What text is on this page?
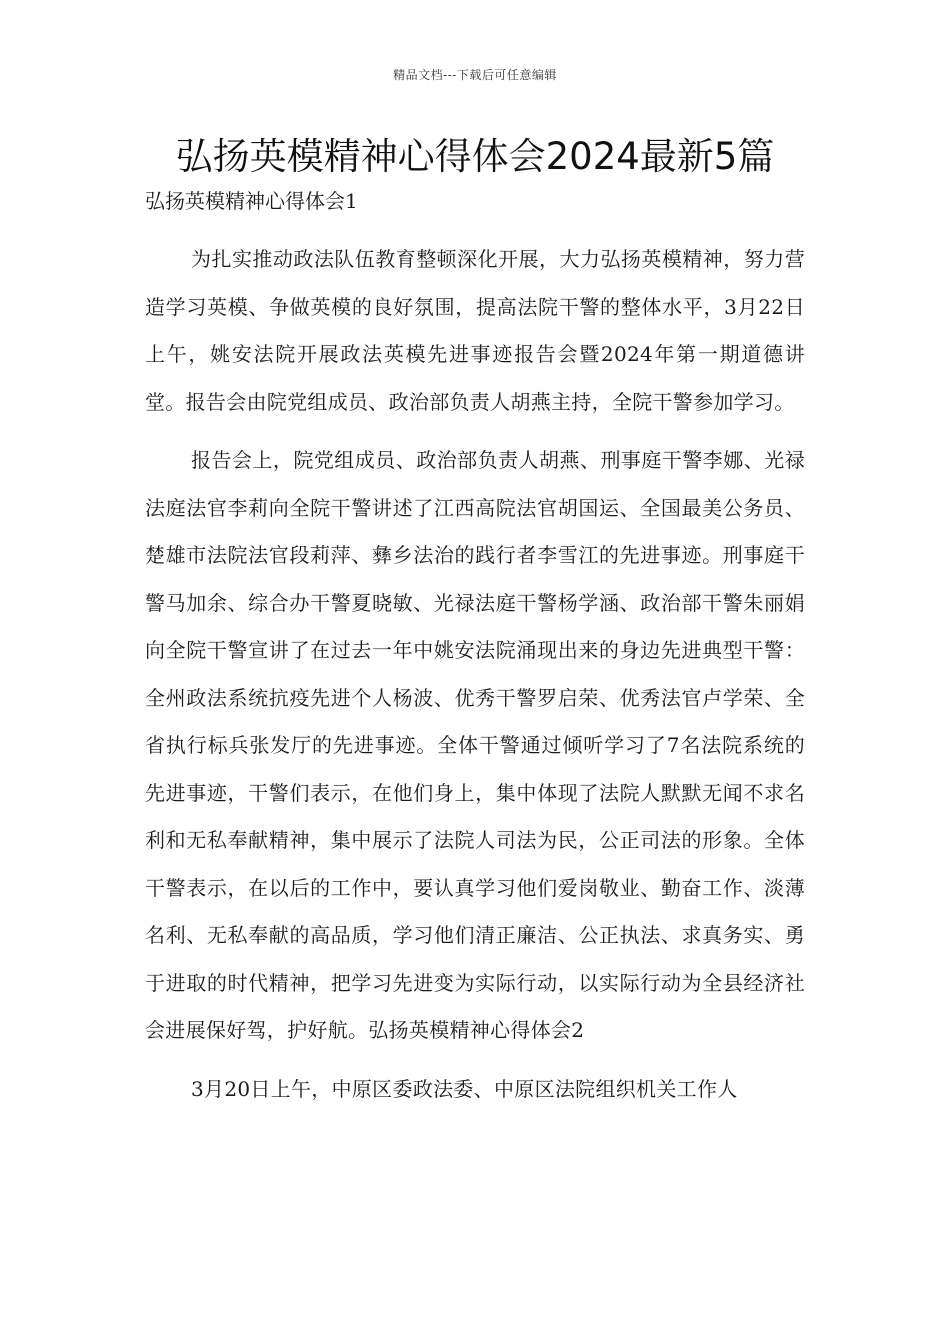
精品文档---下载后可任意编辑
弘扬英模精神心得体会2024最新5篇

弘扬英模精神心得体会1

为扎实推动政法队伍教育整顿深化开展，大力弘扬英模精神，努力营造学习英模、争做英模的良好氛围，提高法院干警的整体水平，3月22日上午，姚安法院开展政法英模先进事迹报告会暨2024年第一期道德讲堂。报告会由院党组成员、政治部负责人胡燕主持，全院干警参加学习。

报告会上，院党组成员、政治部负责人胡燕、刑事庭干警李娜、光禄法庭法官李莉向全院干警讲述了江西高院法官胡国运、全国最美公务员、楚雄市法院法官段莉萍、彝乡法治的践行者李雪江的先进事迹。刑事庭干警马加余、综合办干警夏晓敏、光禄法庭干警杨学涵、政治部干警朱丽娟向全院干警宣讲了在过去一年中姚安法院涌现出来的身边先进典型干警：全州政法系统抗疫先进个人杨波、优秀干警罗启荣、优秀法官卢学荣、全省执行标兵张发厅的先进事迹。全体干警通过倾听学习了7名法院系统的先进事迹，干警们表示，在他们身上，集中体现了法院人默默无闻不求名利和无私奉献精神，集中展示了法院人司法为民，公正司法的形象。全体干警表示，在以后的工作中，要认真学习他们爱岗敬业、勤奋工作、淡薄名利、无私奉献的高品质，学习他们清正廉洁、公正执法、求真务实、勇于进取的时代精神，把学习先进变为实际行动，以实际行动为全县经济社会进展保好驾，护好航。弘扬英模精神心得体会2

3月20日上午，中原区委政法委、中原区法院组织机关工作人
